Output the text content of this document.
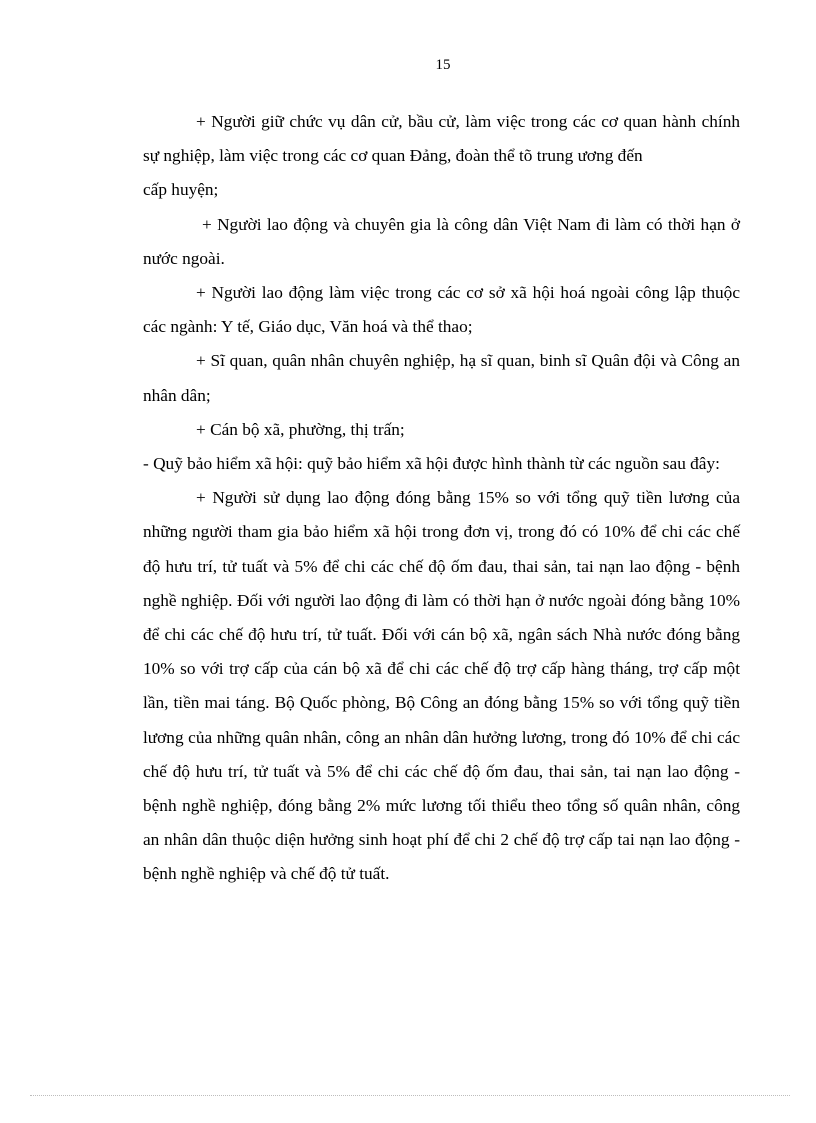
15

+ Người giữ chức vụ dân cử, bầu cử, làm việc trong các cơ quan hành chính sự nghiệp, làm việc trong các cơ quan Đảng, đoàn thể tõ trung ương đến

cấp huyện;

+ Người lao động và chuyên gia là công dân Việt Nam đi làm có thời hạn ở nước ngoài.

+ Người lao động làm việc trong các cơ sở xã hội hoá ngoài công lập thuộc các ngành: Y tế, Giáo dục, Văn hoá và thể thao;

+ Sĩ quan, quân nhân chuyên nghiệp, hạ sĩ quan, binh sĩ Quân đội và Công an nhân dân;

+ Cán bộ xã, phường, thị trấn;

- Quỹ bảo hiểm xã hội: quỹ bảo hiểm xã hội được hình thành từ các nguồn sau đây:

+ Người sử dụng lao động đóng bằng 15% so với tổng quỹ tiền lương của những người tham gia bảo hiểm xã hội trong đơn vị, trong đó có 10% để chi các chế độ hưu trí, tử tuất và 5% để chi các chế độ ốm đau, thai sản, tai nạn lao động - bệnh nghề nghiệp. Đối với người lao động đi làm có thời hạn ở nước ngoài đóng bằng 10% để chi các chế độ hưu trí, tử tuất. Đối với cán bộ xã, ngân sách Nhà nước đóng bằng 10% so với trợ cấp của cán bộ xã để chi các chế độ trợ cấp hàng tháng, trợ cấp một lần, tiền mai táng. Bộ Quốc phòng, Bộ Công an đóng bằng 15% so với tổng quỹ tiền lương của những quân nhân, công an nhân dân hưởng lương, trong đó 10% để chi các chế độ hưu trí, tử tuất và 5% để chi các chế độ ốm đau, thai sản, tai nạn lao động - bệnh nghề nghiệp, đóng bằng 2% mức lương tối thiểu theo tổng số quân nhân, công an nhân dân thuộc diện hưởng sinh hoạt phí để chi 2 chế độ trợ cấp tai nạn lao động - bệnh nghề nghiệp và chế độ tử tuất.
